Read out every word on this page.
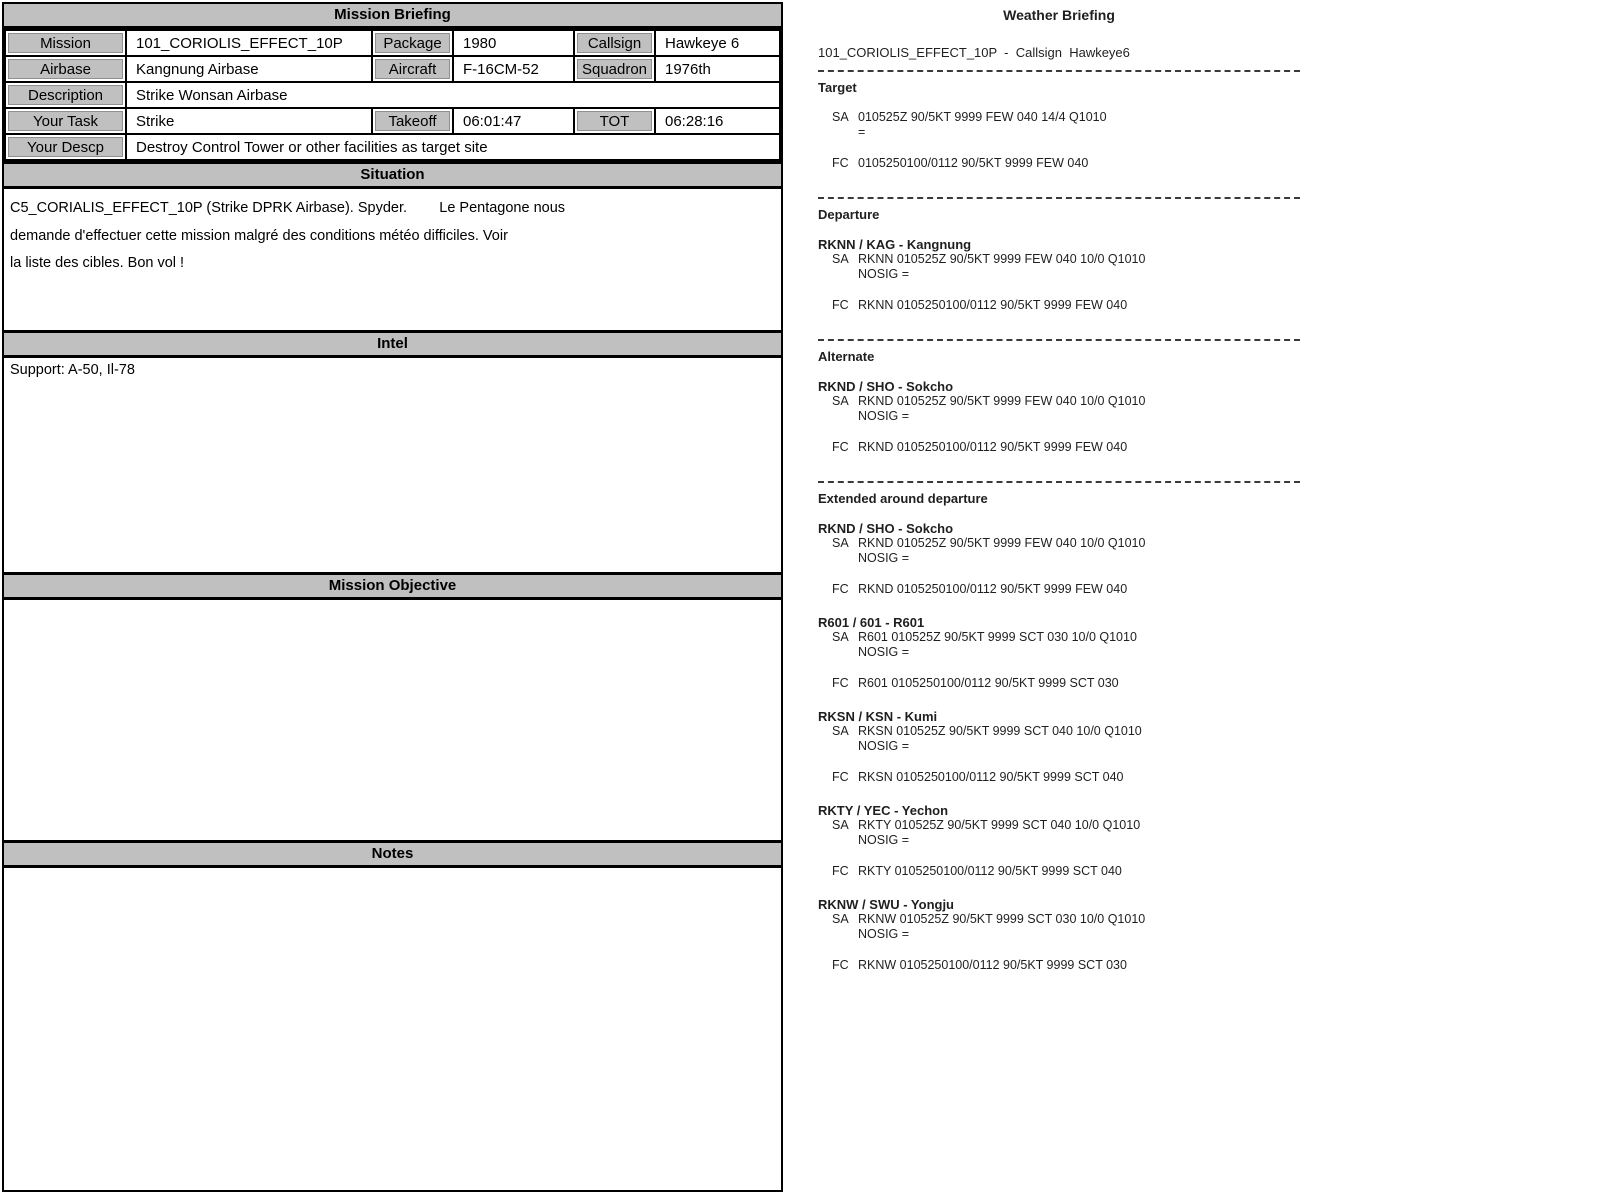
Mission Briefing
Mission	101_CORIOLIS_EFFECT_10P	Package	1980	Callsign	Hawkeye 6
Airbase	Kangnung Airbase	Aircraft	F-16CM-52	Squadron	1976th
Description	Strike Wonsan Airbase				
Your Task	Strike	Takeoff	06:01:47	TOT	06:28:16
Your Descp	Destroy Control Tower or other facilities as target site				
Situation
C5_CORIALIS_EFFECT_10P (Strike DPRK Airbase). Spyder.        Le Pentagone nous
demande d'effectuer cette mission malgré des conditions météo difficiles. Voir
la liste des cibles. Bon vol !
Intel
Support: A-50, Il-78
Mission Objective
Notes
Weather Briefing
101_CORIOLIS_EFFECT_10P  -  Callsign  Hawkeye6
Target
SA 010525Z 90/5KT 9999 FEW 040 14/4 Q1010
=
FC 0105250100/0112 90/5KT 9999 FEW 040
Departure
RKNN / KAG - Kangnung
SA RKNN 010525Z 90/5KT 9999 FEW 040 10/0 Q1010
NOSIG =
FC RKNN 0105250100/0112 90/5KT 9999 FEW 040
Alternate
RKND / SHO - Sokcho
SA RKND 010525Z 90/5KT 9999 FEW 040 10/0 Q1010
NOSIG =
FC RKND 0105250100/0112 90/5KT 9999 FEW 040
Extended around departure
RKND / SHO - Sokcho
SA RKND 010525Z 90/5KT 9999 FEW 040 10/0 Q1010
NOSIG =
FC RKND 0105250100/0112 90/5KT 9999 FEW 040
R601 / 601 - R601
SA R601 010525Z 90/5KT 9999 SCT 030 10/0 Q1010
NOSIG =
FC R601 0105250100/0112 90/5KT 9999 SCT 030
RKSN / KSN - Kumi
SA RKSN 010525Z 90/5KT 9999 SCT 040 10/0 Q1010
NOSIG =
FC RKSN 0105250100/0112 90/5KT 9999 SCT 040
RKTY / YEC - Yechon
SA RKTY 010525Z 90/5KT 9999 SCT 040 10/0 Q1010
NOSIG =
FC RKTY 0105250100/0112 90/5KT 9999 SCT 040
RKNW / SWU - Yongju
SA RKNW 010525Z 90/5KT 9999 SCT 030 10/0 Q1010
NOSIG =
FC RKNW 0105250100/0112 90/5KT 9999 SCT 030
